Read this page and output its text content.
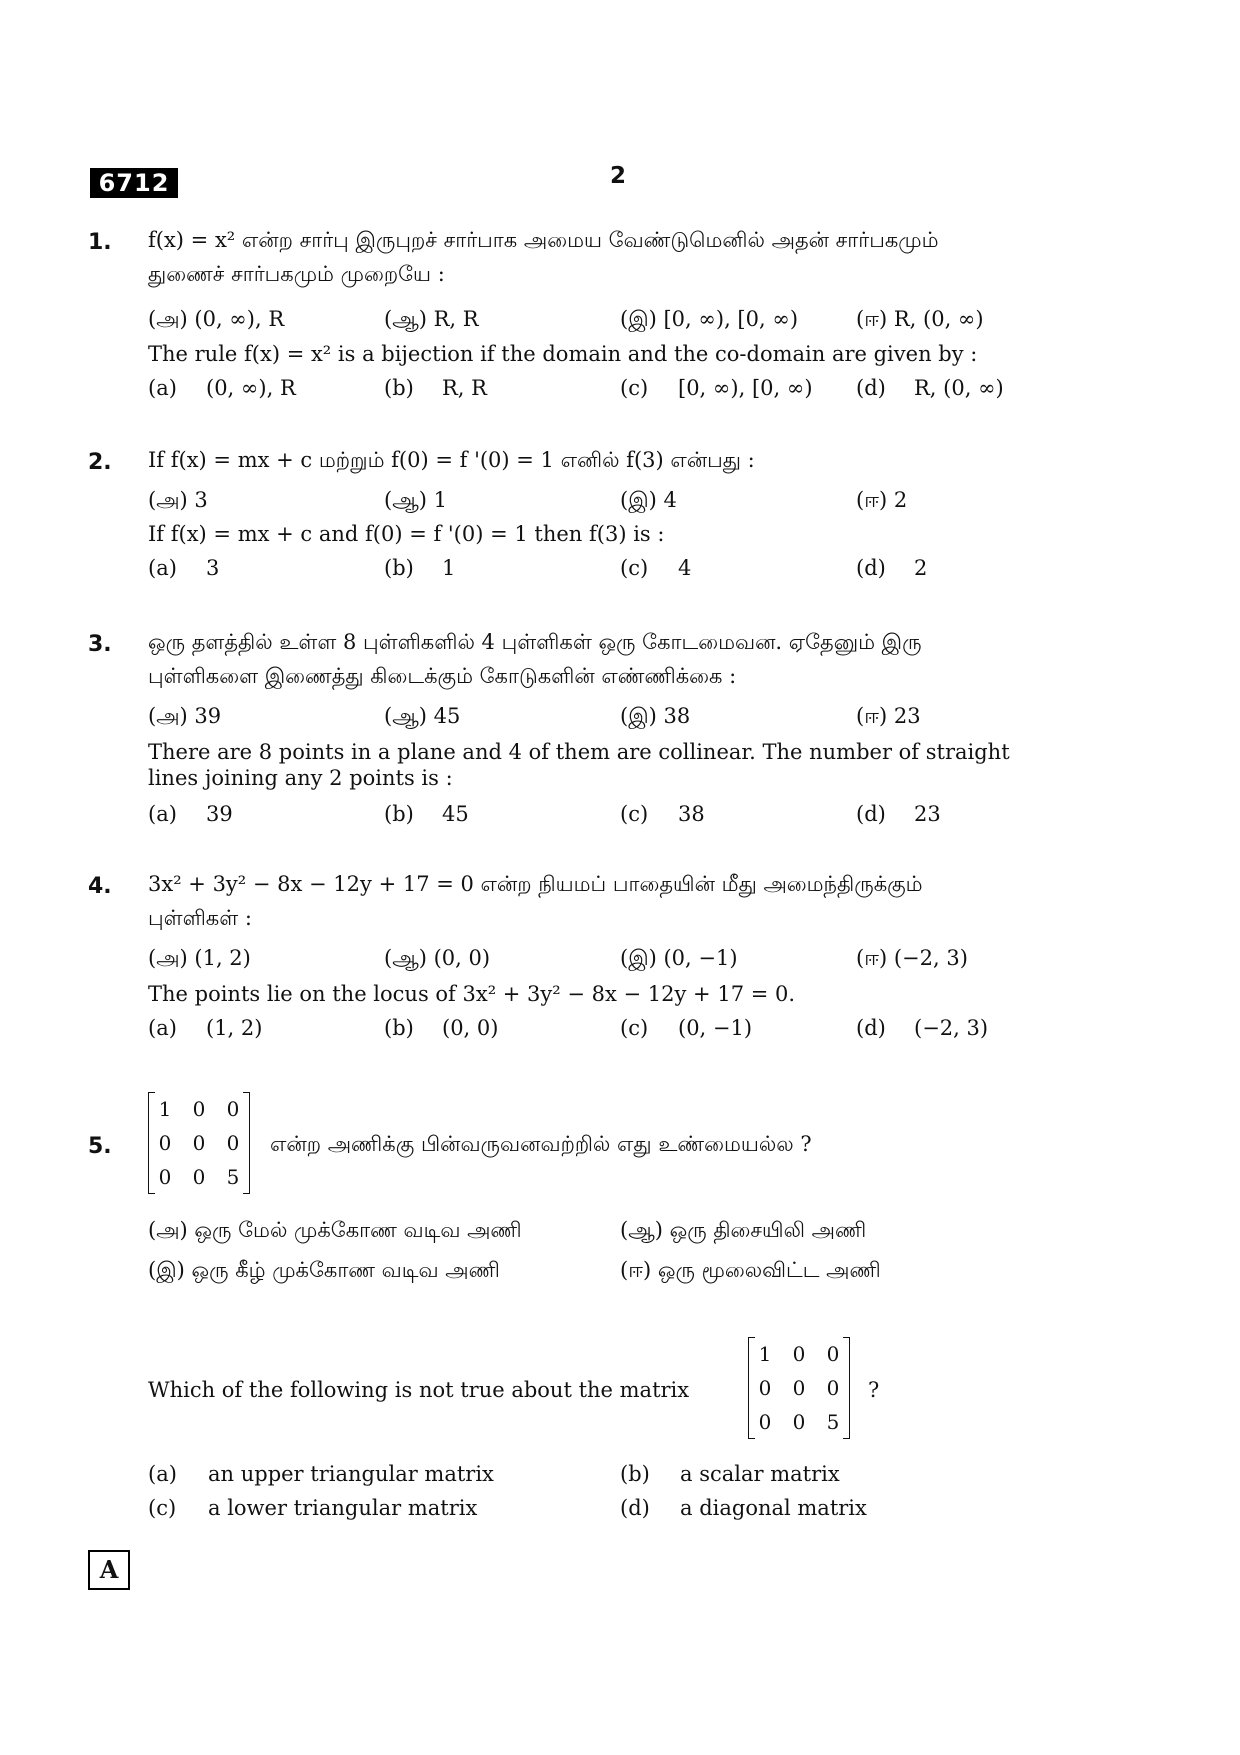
6712	2
1. f(x) = x² என்ற சார்பு இருபுறச் சார்பாக அமைய வேண்டுமெனில் அதன் சார்பகமும்
துணைச் சார்பகமும் முறையே :
(அ) (0, ∞), R	(ஆ) R, R	(இ) [0, ∞), [0, ∞)	(ஈ) R, (0, ∞)
The rule f(x) = x² is a bijection if the domain and the co-domain are given by :
(a) (0, ∞), R	(b) R, R	(c) [0, ∞), [0, ∞) (d) R, (0, ∞)
2. If f(x) = mx + c மற்றும் f(0) = f '(0) = 1 எனில் f(3) என்பது :
(அ) 3	(ஆ) 1	(இ) 4	(ஈ) 2
If f(x) = mx + c and f(0) = f '(0) = 1 then f(3) is :
(a) 3	(b) 1	(c) 4	(d) 2
3. ஒரு தளத்தில் உள்ள 8 புள்ளிகளில் 4 புள்ளிகள் ஒரு கோடமைவன. ஏதேனும் இரு
புள்ளிகளை இணைத்து கிடைக்கும் கோடுகளின் எண்ணிக்கை :
(அ) 39	(ஆ) 45	(இ) 38	(ஈ) 23
There are 8 points in a plane and 4 of them are collinear. The number of straight
lines joining any 2 points is :
(a) 39	(b) 45	(c) 38	(d) 23
4. 3x² + 3y² − 8x − 12y + 17 = 0 என்ற நியமப் பாதையின் மீது அமைந்திருக்கும்
புள்ளிகள் :
(அ) (1, 2)	(ஆ) (0, 0)	(இ) (0, −1)	(ஈ) (−2, 3)
The points lie on the locus of 3x² + 3y² − 8x − 12y + 17 = 0.
(a) (1, 2)	(b) (0, 0)	(c) (0, −1)	(d) (−2, 3)
5.
1	0	0
0	0	0
0	0	5
என்ற அணிக்கு பின்வருவனவற்றில் எது உண்மையல்ல ?
(அ) ஒரு மேல் முக்கோண வடிவ அணி	(ஆ) ஒரு திசையிலி அணி
(இ) ஒரு கீழ் முக்கோண வடிவ அணி	(ஈ) ஒரு மூலைவிட்ட அணி
Which of the following is not true about the matrix
1	0	0
0	0	0
0	0	5
?
(a) an upper triangular matrix	(b) a scalar matrix
(c) a lower triangular matrix	(d) a diagonal matrix
A
